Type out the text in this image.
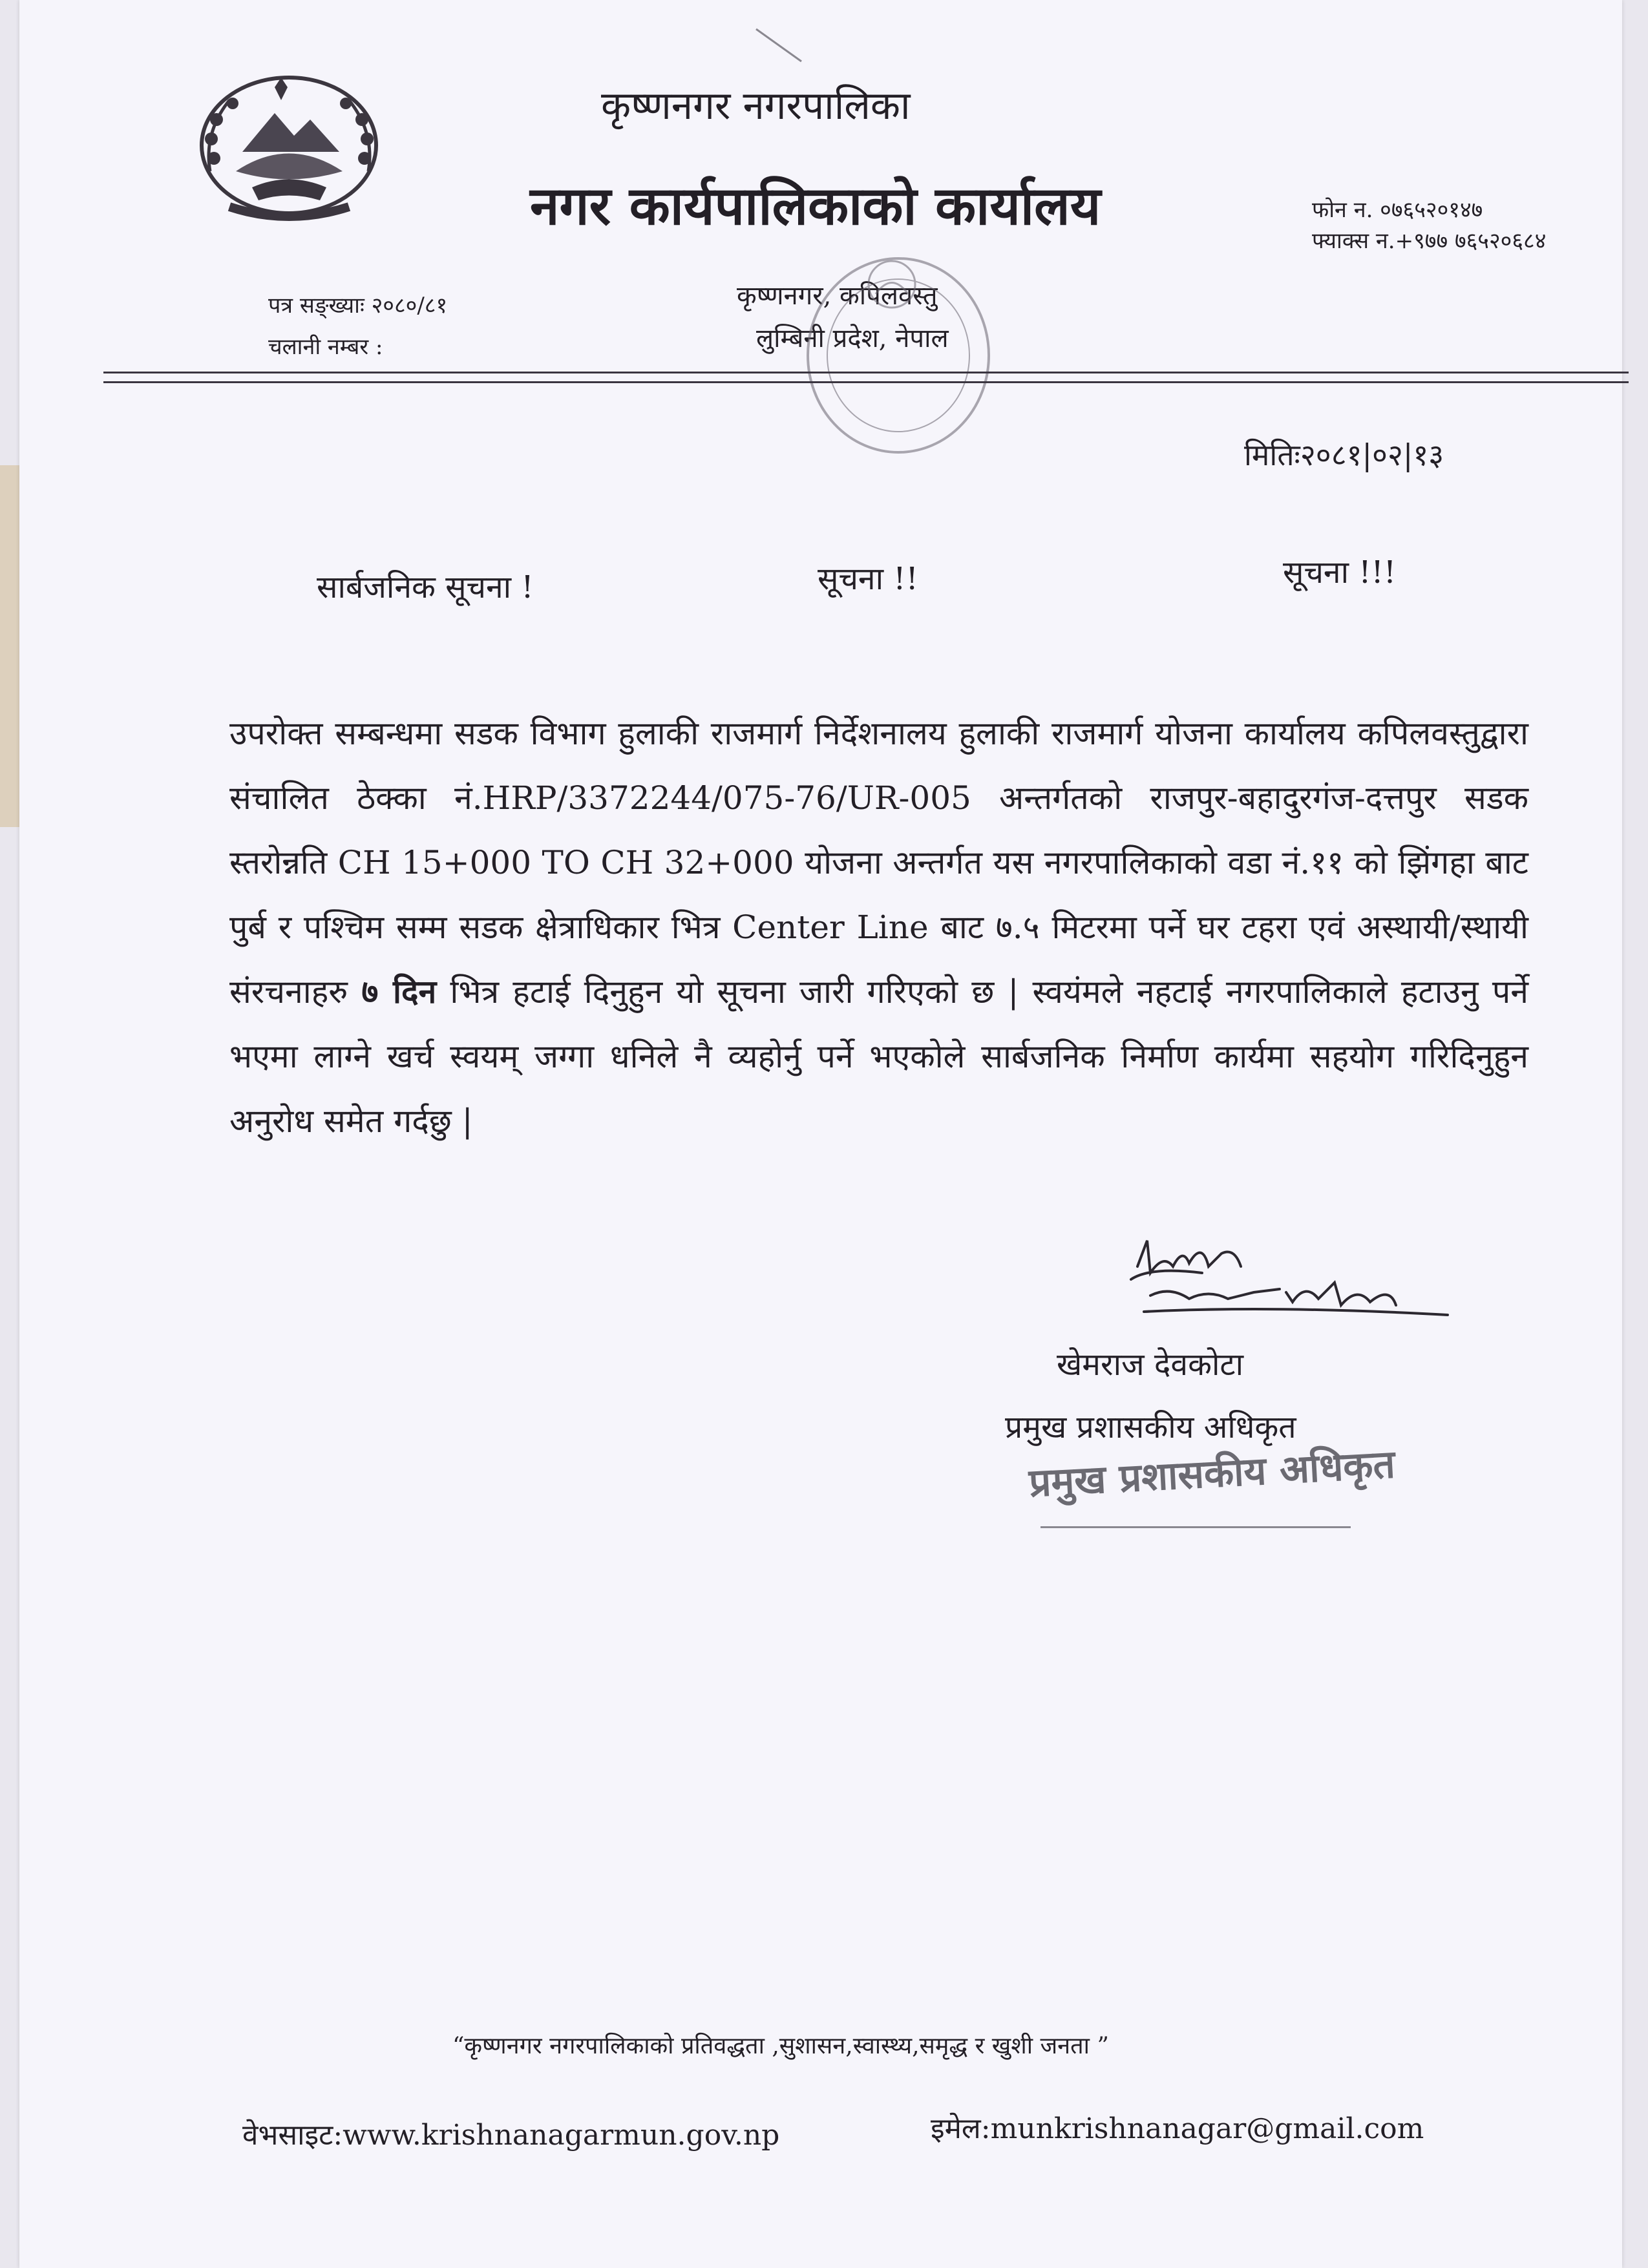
कृष्णनगर नगरपालिका
नगर कार्यपालिकाको कार्यालय	फोन न. ०७६५२०१४७
फ्याक्स न.+९७७ ७६५२०६८४
पत्र सङ्ख्याः २०८०/८१
चलानी नम्बर :
कृष्णनगर, कपिलवस्तु
लुम्बिनी प्रदेश, नेपाल
मितिः२०८१|०२|१३
सार्बजनिक सूचना !	सूचना !!	सूचना !!!
उपरोक्त सम्बन्धमा सडक विभाग हुलाकी राजमार्ग निर्देशनालय हुलाकी राजमार्ग योजना कार्यालय कपिलवस्तुद्वारा संचालित ठेक्का नं.HRP/3372244/075-76/UR-005 अन्तर्गतको राजपुर-बहादुरगंज-दत्तपुर सडक स्तरोन्नति CH 15+000 TO CH 32+000 योजना अन्तर्गत यस नगरपालिकाको वडा नं.११ को झिंगहा बाट पुर्ब र पश्चिम सम्म सडक क्षेत्राधिकार भित्र Center Line बाट ७.५ मिटरमा पर्ने घर टहरा एवं अस्थायी/स्थायी संरचनाहरु ७ दिन भित्र हटाई दिनुहुन यो सूचना जारी गरिएको छ | स्वयंमले नहटाई नगरपालिकाले हटाउनु पर्ने भएमा लाग्ने खर्च स्वयम् जग्गा धनिले नै व्यहोर्नु पर्ने भएकोले सार्बजनिक निर्माण कार्यमा सहयोग गरिदिनुहुन अनुरोध समेत गर्दछु |
खेमराज देवकोटा
प्रमुख प्रशासकीय अधिकृत
प्रमुख प्रशासकीय अधिकृत
“कृष्णनगर नगरपालिकाको प्रतिवद्धता ,सुशासन,स्वास्थ्य,समृद्ध र खुशी जनता ”
वेभसाइट:www.krishnanagarmun.gov.np	इमेल:munkrishnanagar@gmail.com
